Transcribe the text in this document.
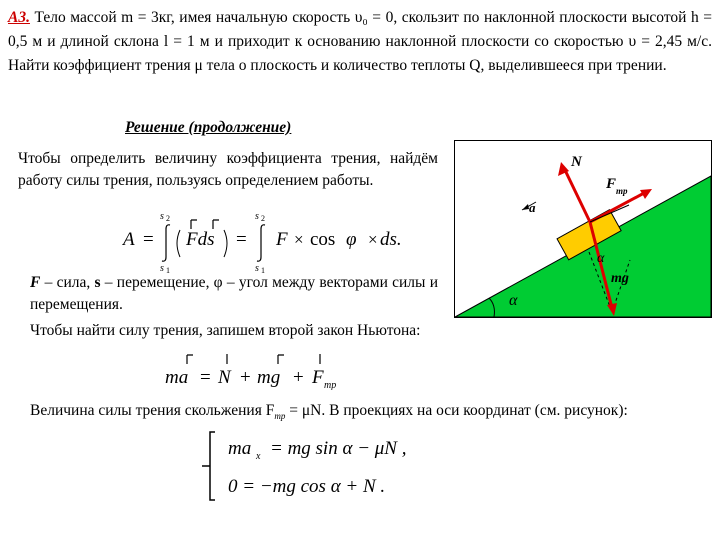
А3. Тело массой m = 3кг, имея начальную скорость υ₀ = 0, скользит по наклонной плоскости высотой h = 0,5 м и длиной склона l = 1 м и приходит к основанию наклонной плоскости со скоростью υ = 2,45 м/с. Найти коэффициент трения μ тела о плоскость и количество теплоты Q, выделившееся при трении.
Решение (продолжение)
Чтобы определить величину коэффициента трения, найдём работу силы трения, пользуясь определением работы.
A =
s 2
s 1
Fds =
s 2
s 1
F × cos φ × ds.
F – сила, s – перемещение, φ – угол между векторами силы и перемещения.
Чтобы найти силу трения, запишем второй закон Ньютона:
ma = N + mg + F тр
Величина силы трения скольжения $F_{тр} = \mu N$. В проекциях на оси координат (см. рисунок):
ma x = mg sin α − μN ,
0 = −mg cos α + N .
α
a
N
F тр
α
mg
